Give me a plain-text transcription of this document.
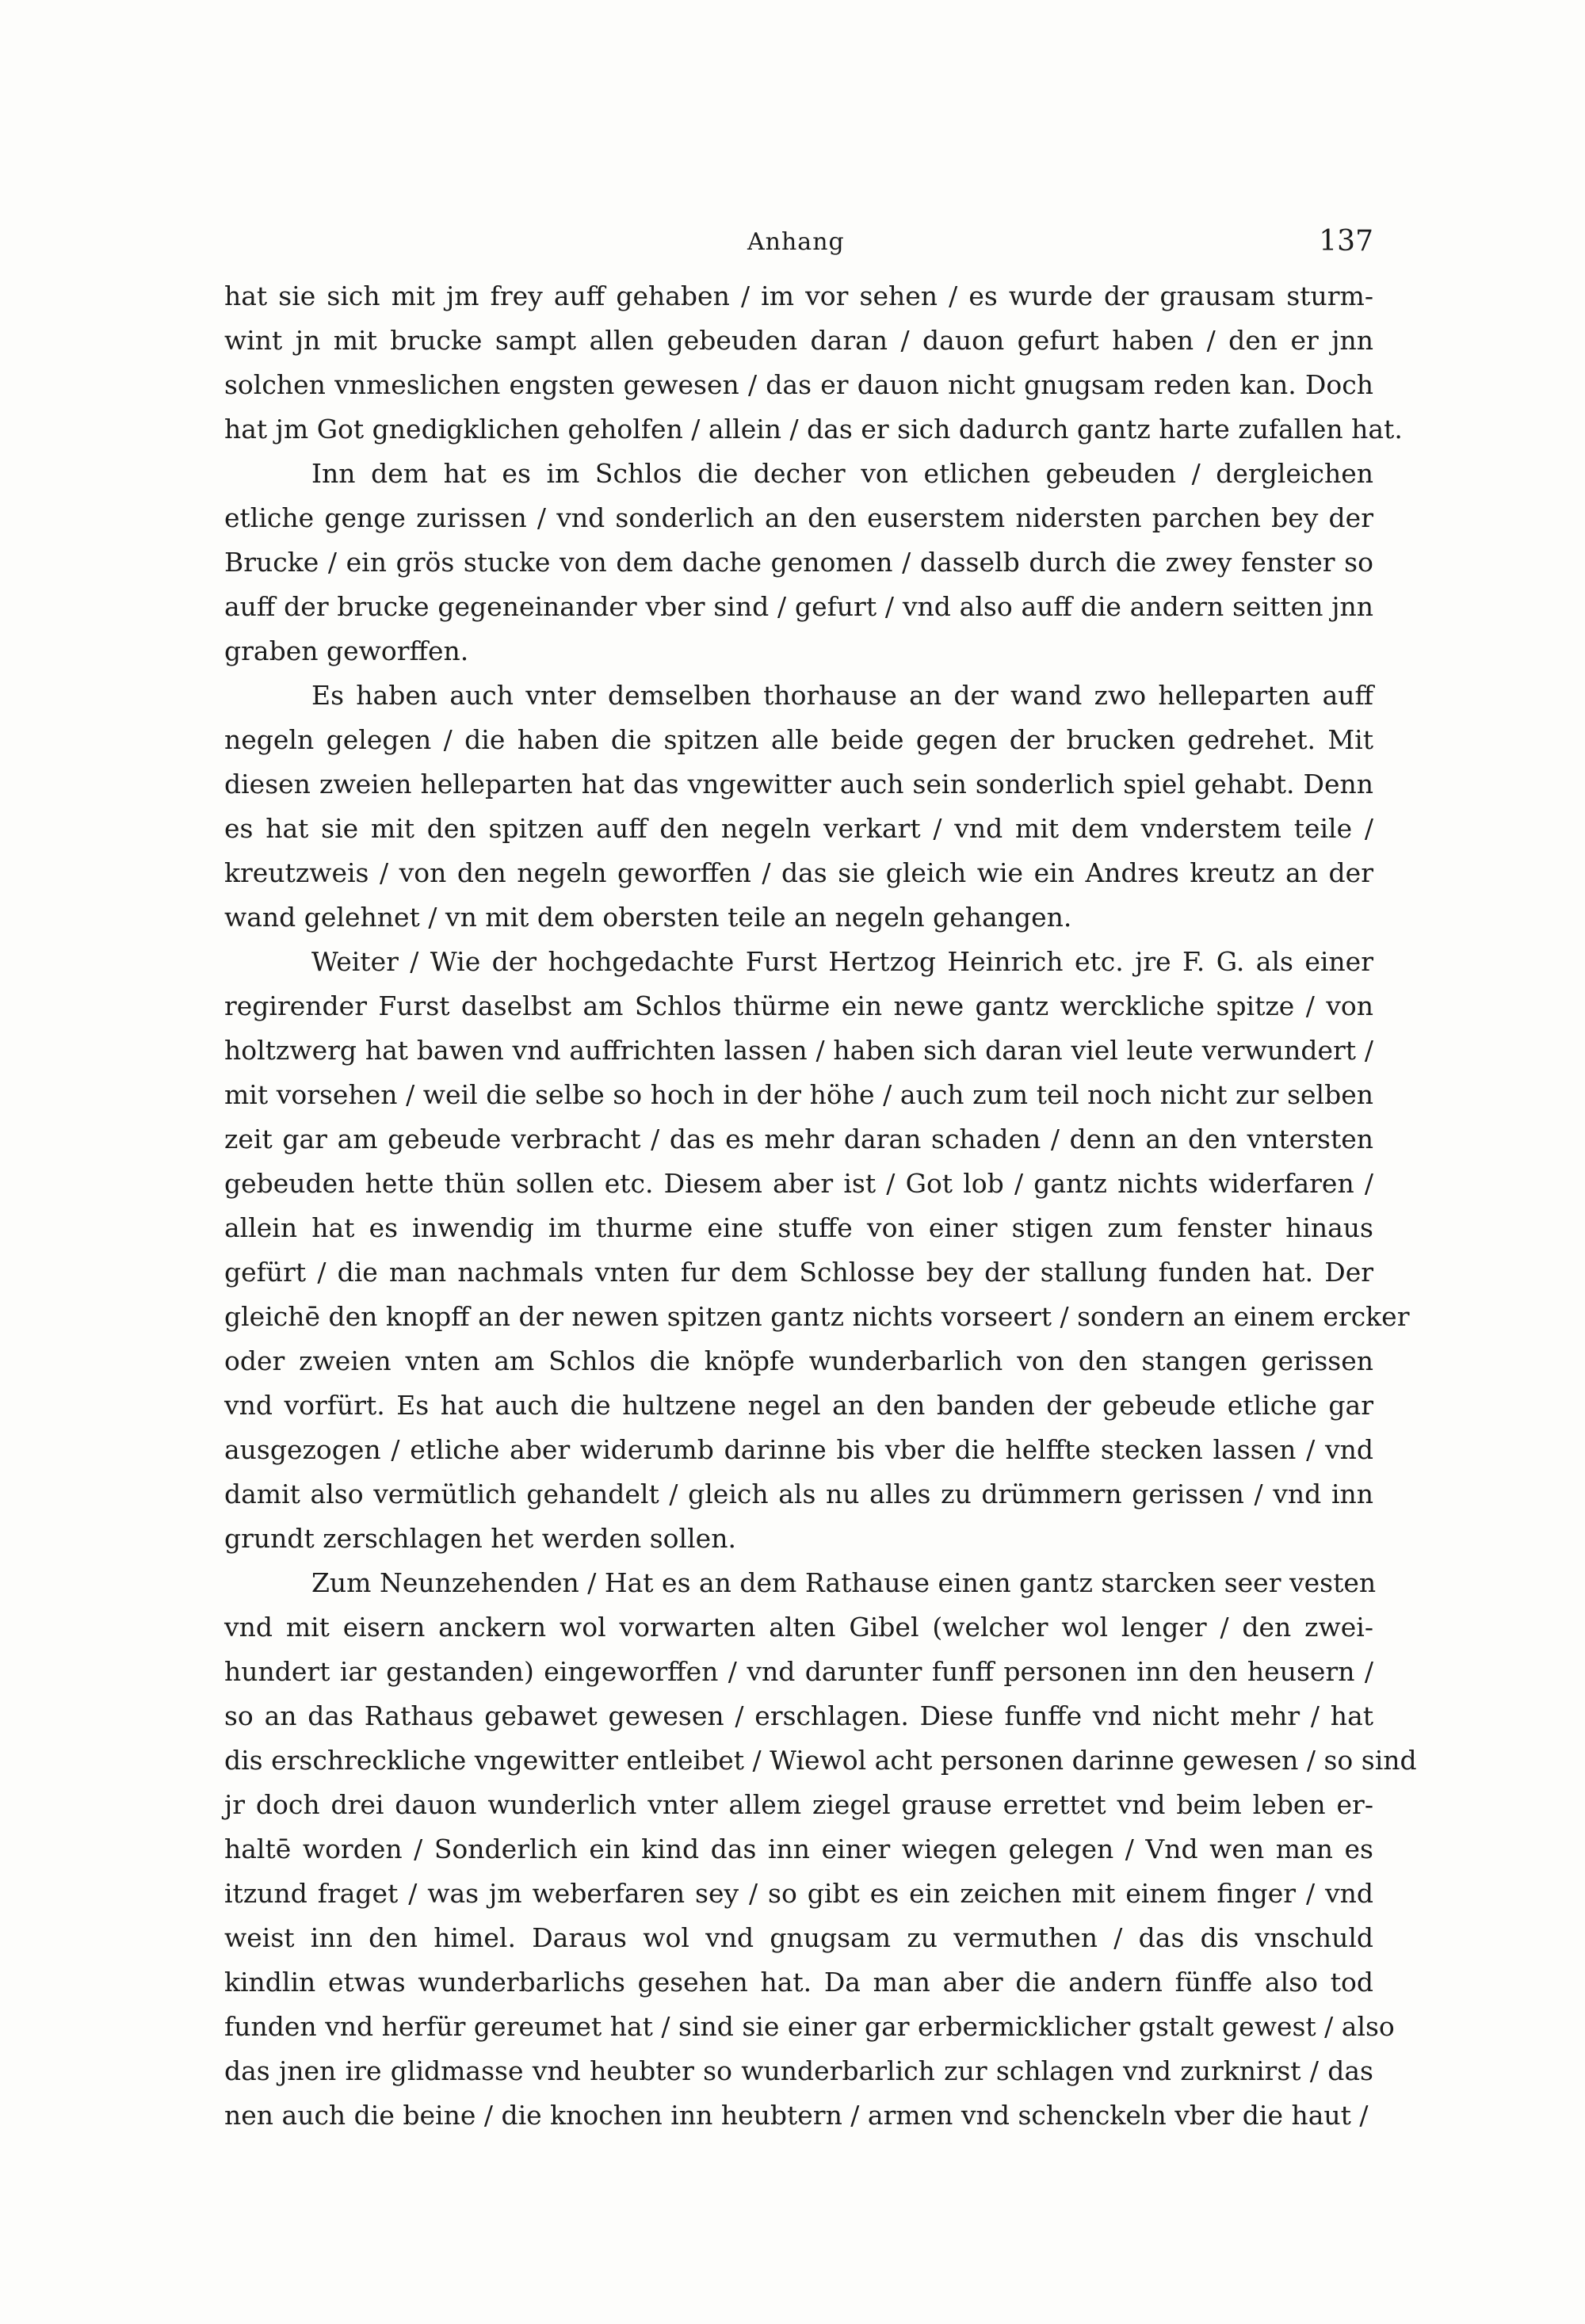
Anhang	137
hat sie sich mit jm frey auff gehaben / im vor sehen / es wurde der grausam sturm-
wint jn mit brucke sampt allen gebeuden daran / dauon gefurt haben / den er jnn
solchen vnmeslichen engsten gewesen / das er dauon nicht gnugsam reden kan. Doch
hat jm Got gnedigklichen geholfen / allein / das er sich dadurch gantz harte zufallen hat.
Inn dem hat es im Schlos die decher von etlichen gebeuden / dergleichen
etliche genge zurissen / vnd sonderlich an den euserstem nidersten parchen bey der
Brucke / ein grös stucke von dem dache genomen / dasselb durch die zwey fenster so
auff der brucke gegeneinander vber sind / gefurt / vnd also auff die andern seitten jnn
graben geworffen.
Es haben auch vnter demselben thorhause an der wand zwo helleparten auff
negeln gelegen / die haben die spitzen alle beide gegen der brucken gedrehet. Mit
diesen zweien helleparten hat das vngewitter auch sein sonderlich spiel gehabt. Denn
es hat sie mit den spitzen auff den negeln verkart / vnd mit dem vnderstem teile /
kreutzweis / von den negeln geworffen / das sie gleich wie ein Andres kreutz an der
wand gelehnet / vn mit dem obersten teile an negeln gehangen.
Weiter / Wie der hochgedachte Furst Hertzog Heinrich etc. jre F. G. als einer
regirender Furst daselbst am Schlos thürme ein newe gantz werckliche spitze / von
holtzwerg hat bawen vnd auffrichten lassen / haben sich daran viel leute verwundert /
mit vorsehen / weil die selbe so hoch in der höhe / auch zum teil noch nicht zur selben
zeit gar am gebeude verbracht / das es mehr daran schaden / denn an den vntersten
gebeuden hette thün sollen etc. Diesem aber ist / Got lob / gantz nichts widerfaren /
allein hat es inwendig im thurme eine stuffe von einer stigen zum fenster hinaus
gefürt / die man nachmals vnten fur dem Schlosse bey der stallung funden hat. Der
gleichē den knopff an der newen spitzen gantz nichts vorseert / sondern an einem ercker
oder zweien vnten am Schlos die knöpfe wunderbarlich von den stangen gerissen
vnd vorfürt. Es hat auch die hultzene negel an den banden der gebeude etliche gar
ausgezogen / etliche aber widerumb darinne bis vber die helffte stecken lassen / vnd
damit also vermütlich gehandelt / gleich als nu alles zu drümmern gerissen / vnd inn
grundt zerschlagen het werden sollen.
Zum Neunzehenden / Hat es an dem Rathause einen gantz starcken seer vesten
vnd mit eisern anckern wol vorwarten alten Gibel (welcher wol lenger / den zwei-
hundert iar gestanden) eingeworffen / vnd darunter funff personen inn den heusern /
so an das Rathaus gebawet gewesen / erschlagen. Diese funffe vnd nicht mehr / hat
dis erschreckliche vngewitter entleibet / Wiewol acht personen darinne gewesen / so sind
jr doch drei dauon wunderlich vnter allem ziegel grause errettet vnd beim leben er-
haltē worden / Sonderlich ein kind das inn einer wiegen gelegen / Vnd wen man es
itzund fraget / was jm weberfaren sey / so gibt es ein zeichen mit einem finger / vnd
weist inn den himel. Daraus wol vnd gnugsam zu vermuthen / das dis vnschuld
kindlin etwas wunderbarlichs gesehen hat. Da man aber die andern fünffe also tod
funden vnd herfür gereumet hat / sind sie einer gar erbermicklicher gstalt gewest / also
das jnen ire glidmasse vnd heubter so wunderbarlich zur schlagen vnd zurknirst / das
nen auch die beine / die knochen inn heubtern / armen vnd schenckeln vber die haut /
